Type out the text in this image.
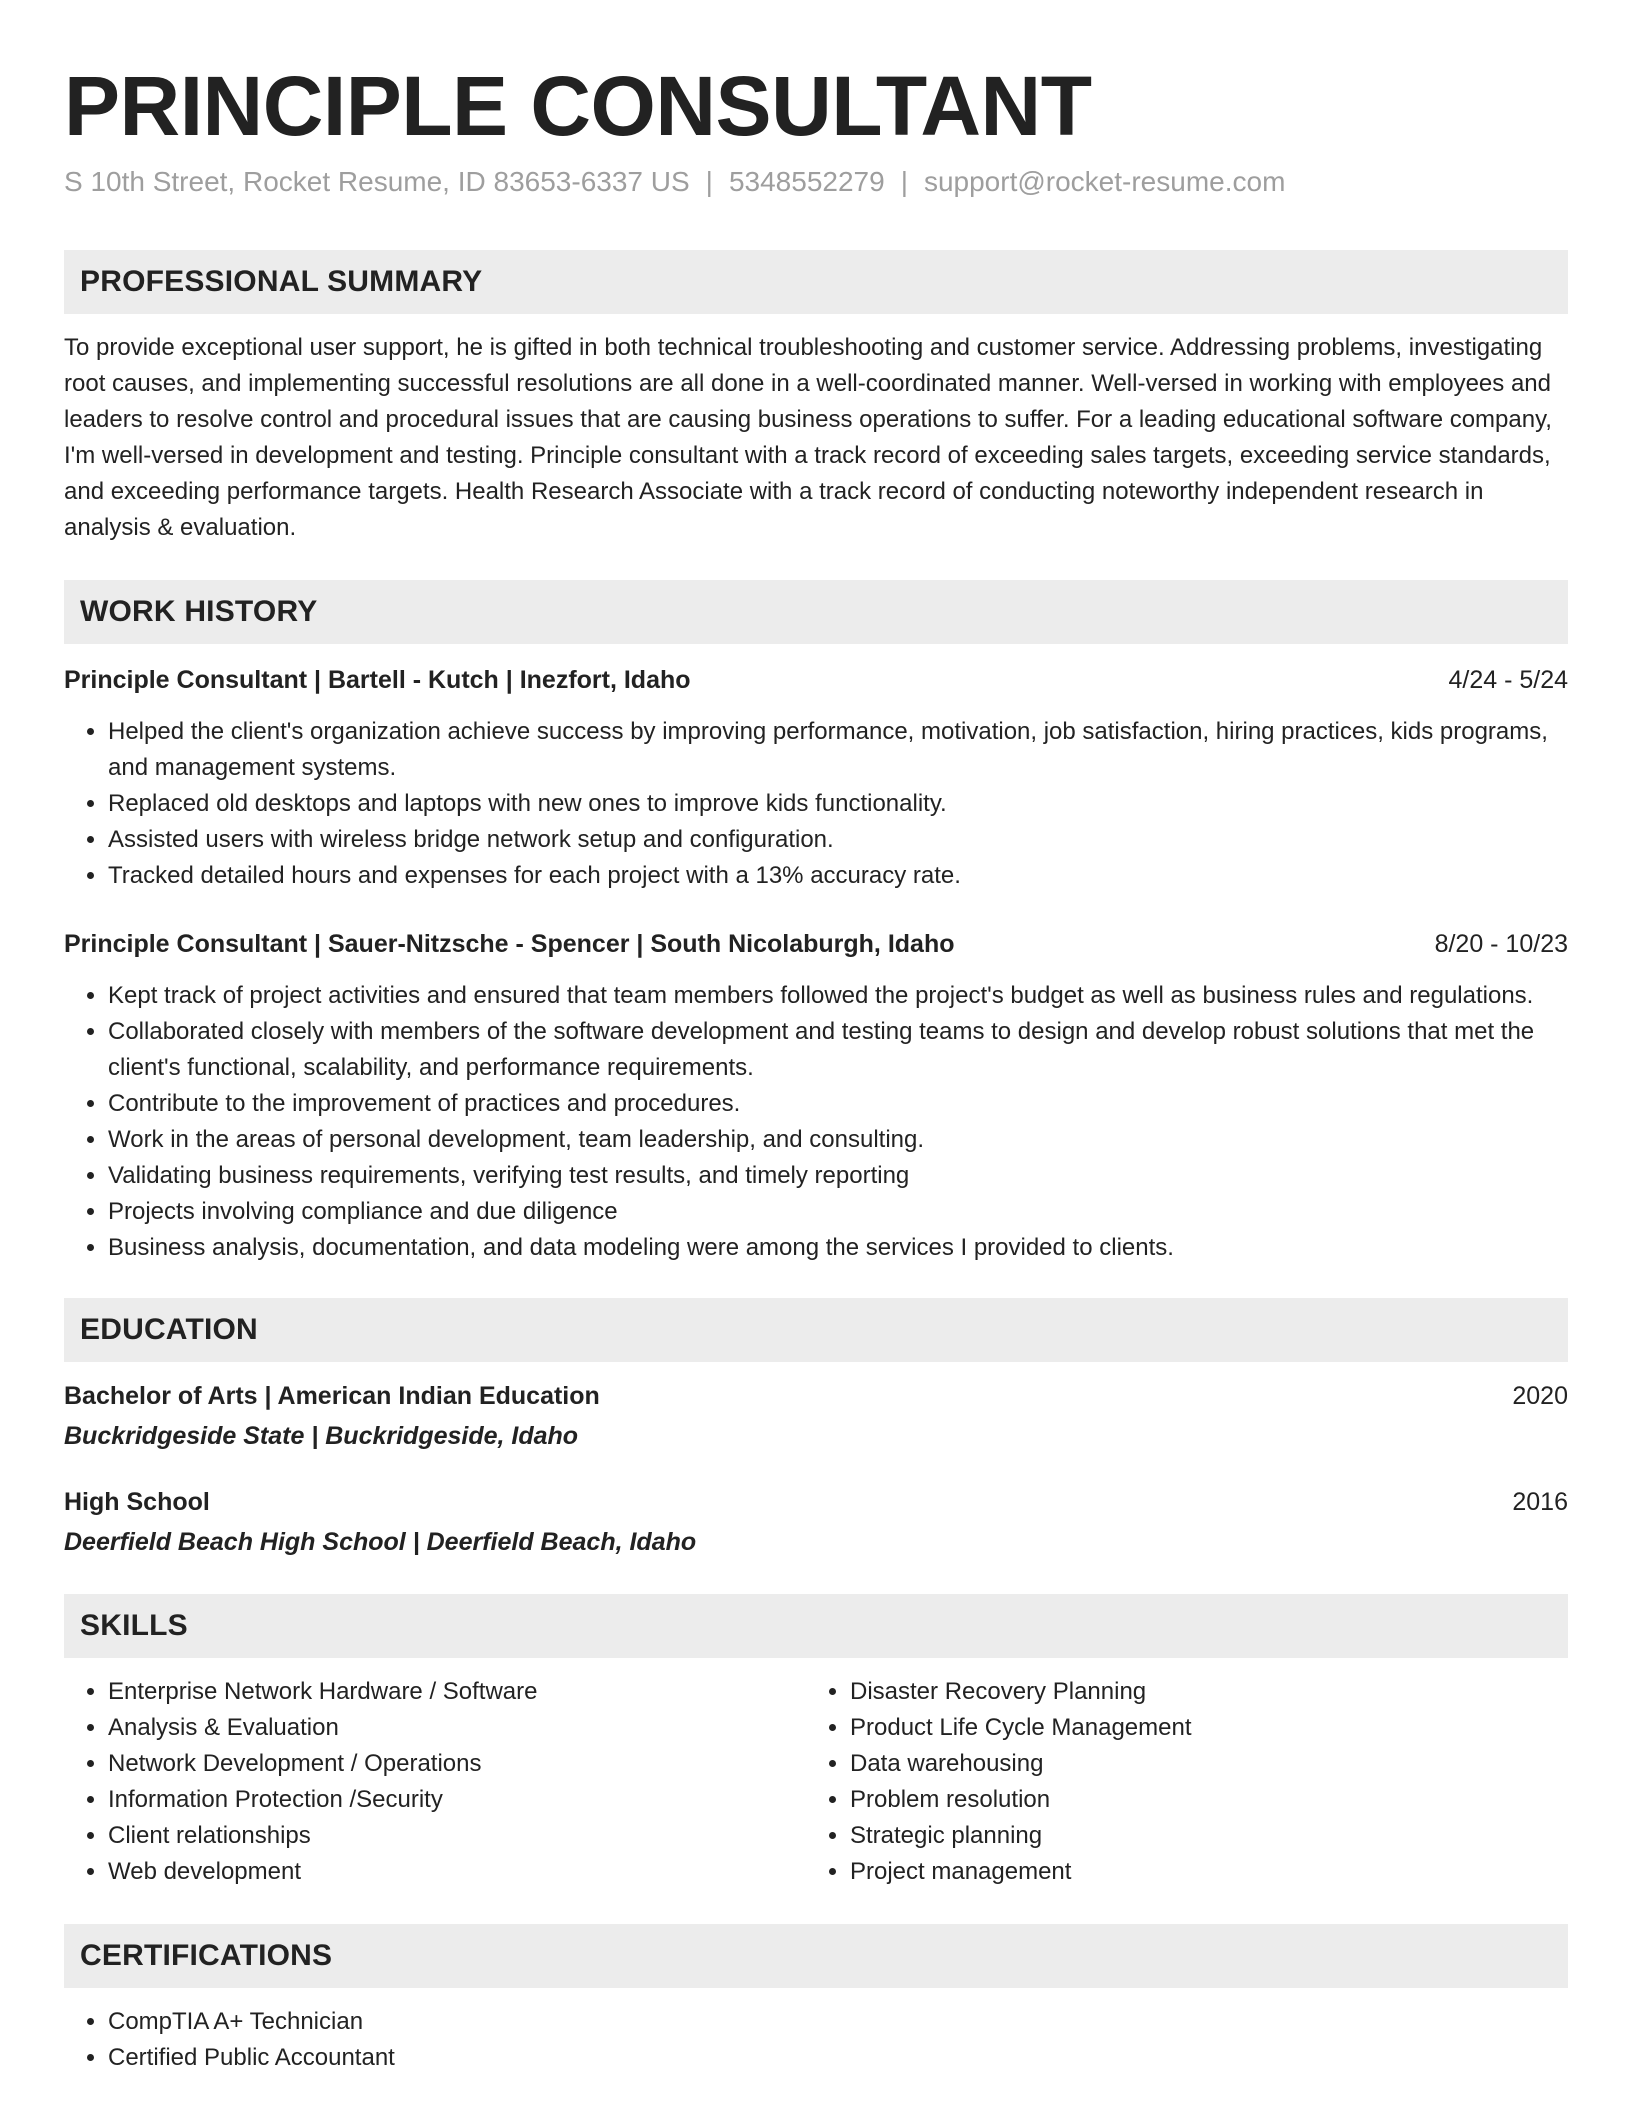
PRINCIPLE CONSULTANT
S 10th Street, Rocket Resume, ID 83653-6337 US | 5348552279 | support@rocket-resume.com
PROFESSIONAL SUMMARY
To provide exceptional user support, he is gifted in both technical troubleshooting and customer service. Addressing problems, investigating root causes, and implementing successful resolutions are all done in a well-coordinated manner. Well-versed in working with employees and leaders to resolve control and procedural issues that are causing business operations to suffer. For a leading educational software company, I'm well-versed in development and testing. Principle consultant with a track record of exceeding sales targets, exceeding service standards, and exceeding performance targets. Health Research Associate with a track record of conducting noteworthy independent research in analysis & evaluation.
WORK HISTORY
Principle Consultant | Bartell - Kutch | Inezfort, Idaho	4/24 - 5/24
• Helped the client's organization achieve success by improving performance, motivation, job satisfaction, hiring practices, kids programs, and management systems.
• Replaced old desktops and laptops with new ones to improve kids functionality.
• Assisted users with wireless bridge network setup and configuration.
• Tracked detailed hours and expenses for each project with a 13% accuracy rate.
Principle Consultant | Sauer-Nitzsche - Spencer | South Nicolaburgh, Idaho	8/20 - 10/23
• Kept track of project activities and ensured that team members followed the project's budget as well as business rules and regulations.
• Collaborated closely with members of the software development and testing teams to design and develop robust solutions that met the client's functional, scalability, and performance requirements.
• Contribute to the improvement of practices and procedures.
• Work in the areas of personal development, team leadership, and consulting.
• Validating business requirements, verifying test results, and timely reporting
• Projects involving compliance and due diligence
• Business analysis, documentation, and data modeling were among the services I provided to clients.
EDUCATION
Bachelor of Arts | American Indian Education	2020
Buckridgeside State | Buckridgeside, Idaho
High School	2016
Deerfield Beach High School | Deerfield Beach, Idaho
SKILLS
• Enterprise Network Hardware / Software
• Analysis & Evaluation
• Network Development / Operations
• Information Protection /Security
• Client relationships
• Web development
• Disaster Recovery Planning
• Product Life Cycle Management
• Data warehousing
• Problem resolution
• Strategic planning
• Project management
CERTIFICATIONS
• CompTIA A+ Technician
• Certified Public Accountant
